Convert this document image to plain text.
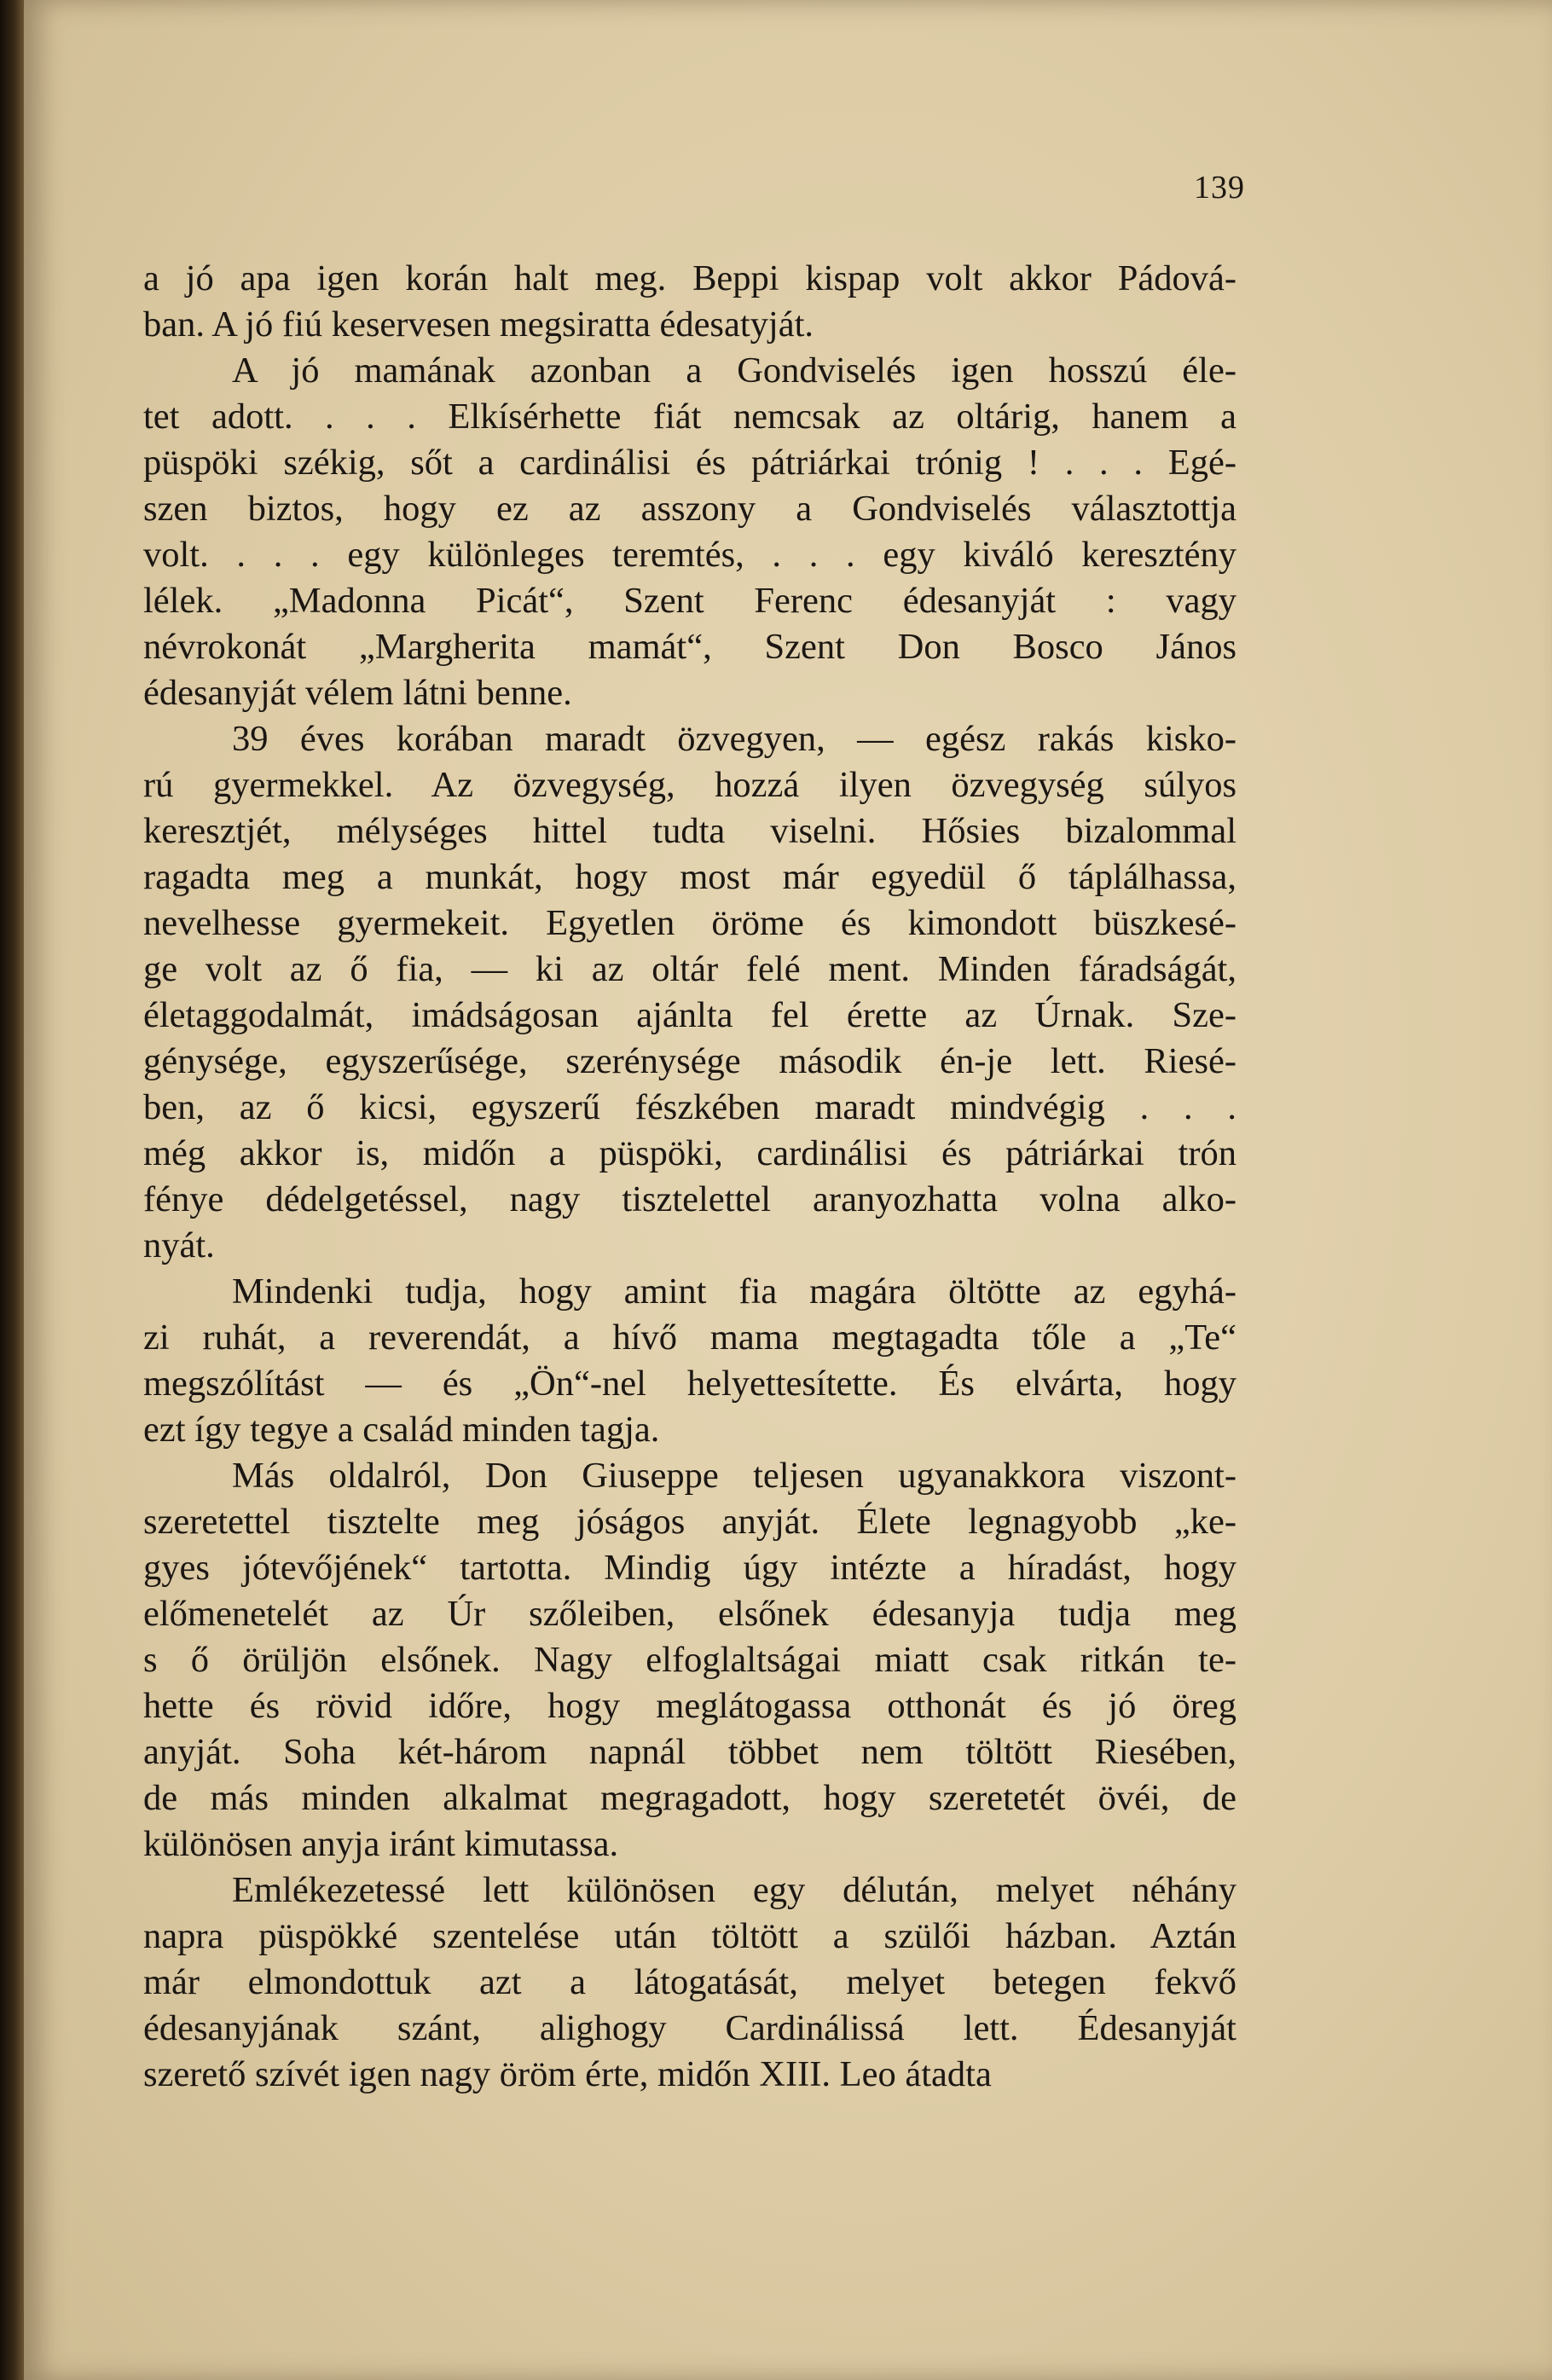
139

a jó apa igen korán halt meg. Beppi kispap volt akkor Pádová-
ban. A jó fiú keservesen megsiratta édesatyját.

A jó mamának azonban a Gondviselés igen hosszú éle-
tet adott. . . . Elkísérhette fiát nemcsak az oltárig, hanem a
püspöki székig, sőt a cardinálisi és pátriárkai trónig ! . . . Egé-
szen biztos, hogy ez az asszony a Gondviselés választottja
volt. . . . egy különleges teremtés, . . . egy kiváló keresztény
lélek. „Madonna Picát“, Szent Ferenc édesanyját : vagy
névrokonát „Margherita mamát“, Szent Don Bosco János
édesanyját vélem látni benne.

39 éves korában maradt özvegyen, — egész rakás kisko-
rú gyermekkel. Az özvegység, hozzá ilyen özvegység súlyos
keresztjét, mélységes hittel tudta viselni. Hősies bizalommal
ragadta meg a munkát, hogy most már egyedül ő táplálhassa,
nevelhesse gyermekeit. Egyetlen öröme és kimondott büszkesé-
ge volt az ő fia, — ki az oltár felé ment. Minden fáradságát,
életaggodalmát, imádságosan ajánlta fel érette az Úrnak. Sze-
génysége, egyszerűsége, szerénysége második én-je lett. Riesé-
ben, az ő kicsi, egyszerű fészkében maradt mindvégig . . .
még akkor is, midőn a püspöki, cardinálisi és pátriárkai trón
fénye dédelgetéssel, nagy tisztelettel aranyozhatta volna alko-
nyát.

Mindenki tudja, hogy amint fia magára öltötte az egyhá-
zi ruhát, a reverendát, a hívő mama megtagadta tőle a „Te“
megszólítást — és „Ön“-nel helyettesítette. És elvárta, hogy
ezt így tegye a család minden tagja.

Más oldalról, Don Giuseppe teljesen ugyanakkora viszont-
szeretettel tisztelte meg jóságos anyját. Élete legnagyobb „ke-
gyes jótevőjének“ tartotta. Mindig úgy intézte a híradást, hogy
előmenetelét az Úr szőleiben, elsőnek édesanyja tudja meg
s ő örüljön elsőnek. Nagy elfoglaltságai miatt csak ritkán te-
hette és rövid időre, hogy meglátogassa otthonát és jó öreg
anyját. Soha két-három napnál többet nem töltött Riesében,
de más minden alkalmat megragadott, hogy szeretetét övéi, de
különösen anyja iránt kimutassa.

Emlékezetessé lett különösen egy délután, melyet néhány
napra püspökké szentelése után töltött a szülői házban. Aztán
már elmondottuk azt a látogatását, melyet betegen fekvő
édesanyjának szánt, alighogy Cardinálissá lett. Édesanyját
szerető szívét igen nagy öröm érte, midőn XIII. Leo átadta
